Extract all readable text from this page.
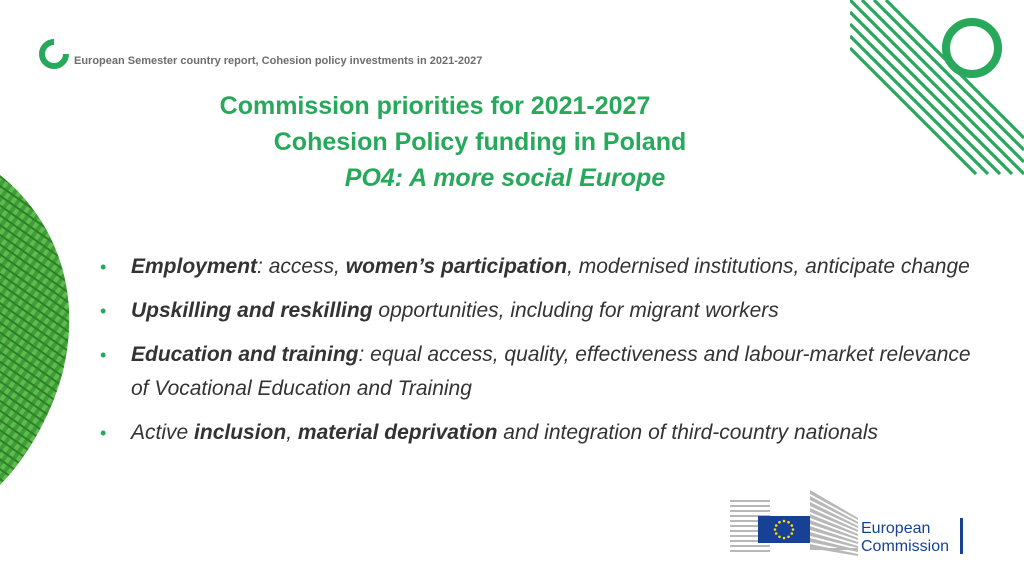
European Semester country report, Cohesion policy investments in 2021-2027
Commission priorities for 2021-2027
Cohesion Policy funding in Poland
PO4: A more social Europe
• Employment: access, women’s participation, modernised institutions, anticipate change
• Upskilling and reskilling opportunities, including for migrant workers
• Education and training: equal access, quality, effectiveness and labour-market relevance of Vocational Education and Training
• Active inclusion, material deprivation and integration of third-country nationals
European
Commission
